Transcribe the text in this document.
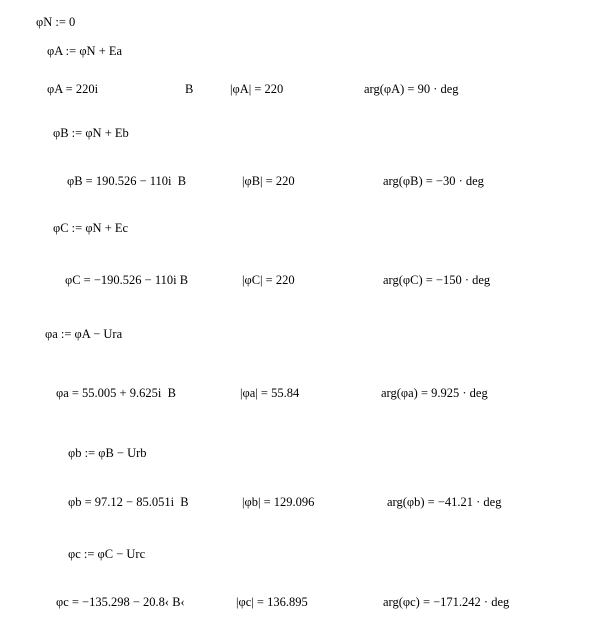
φN := 0
φA := φN + Ea
φA = 220i	B	|φA| = 220	arg(φA) = 90 · deg
φB := φN + Eb
φB = 190.526 − 110i  B	|φB| = 220	arg(φB) = −30 · deg
φC := φN + Ec
φC = −190.526 − 110i B	|φC| = 220	arg(φC) = −150 · deg
φa := φA − Ura
φa = 55.005 + 9.625i  B	|φa| = 55.84	arg(φa) = 9.925 · deg
φb := φB − Urb
φb = 97.12 − 85.051i  B	|φb| = 129.096	arg(φb) = −41.21 · deg
φc := φC − Urc
φc = −135.298 − 20.8‹ B‹	|φc| = 136.895	arg(φc) = −171.242 · deg
